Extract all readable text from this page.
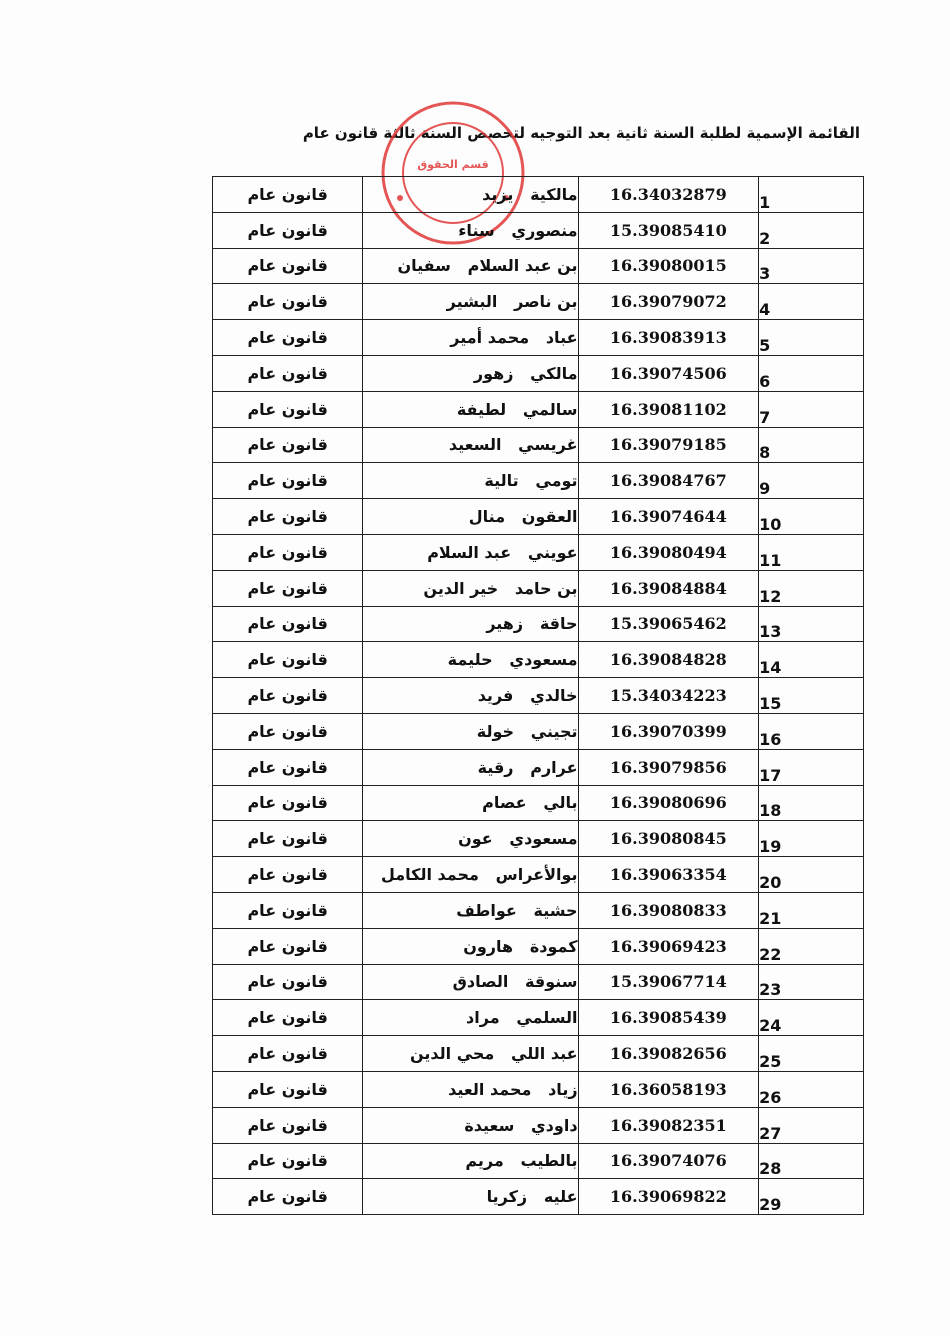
القائمة الإسمية لطلبة السنة ثانية بعد التوجيه لتخصص السنة ثالثة قانون عام
قسم الحقوق
1	16.34032879	مالكية   يزيد	قانون عام
2	15.39085410	منصوري   سناء	قانون عام
3	16.39080015	بن عبد السلام   سفيان	قانون عام
4	16.39079072	بن ناصر   البشير	قانون عام
5	16.39083913	عباد   محمد أمير	قانون عام
6	16.39074506	مالكي   زهور	قانون عام
7	16.39081102	سالمي   لطيفة	قانون عام
8	16.39079185	غريسي   السعيد	قانون عام
9	16.39084767	تومي   تالية	قانون عام
10	16.39074644	العقون   منال	قانون عام
11	16.39080494	عويني   عبد السلام	قانون عام
12	16.39084884	بن حامد   خير الدين	قانون عام
13	15.39065462	حاقة   زهير	قانون عام
14	16.39084828	مسعودي   حليمة	قانون عام
15	15.34034223	خالدي   فريد	قانون عام
16	16.39070399	تجيني   خولة	قانون عام
17	16.39079856	عرارم   رقية	قانون عام
18	16.39080696	بالي   عصام	قانون عام
19	16.39080845	مسعودي   عون	قانون عام
20	16.39063354	بوالأعراس   محمد الكامل	قانون عام
21	16.39080833	حشية   عواطف	قانون عام
22	16.39069423	كمودة   هارون	قانون عام
23	15.39067714	سنوقة   الصادق	قانون عام
24	16.39085439	السلمي   مراد	قانون عام
25	16.39082656	عبد اللي   محي الدين	قانون عام
26	16.36058193	زياد   محمد العيد	قانون عام
27	16.39082351	داودي   سعيدة	قانون عام
28	16.39074076	بالطيب   مريم	قانون عام
29	16.39069822	عليه   زكريا	قانون عام
